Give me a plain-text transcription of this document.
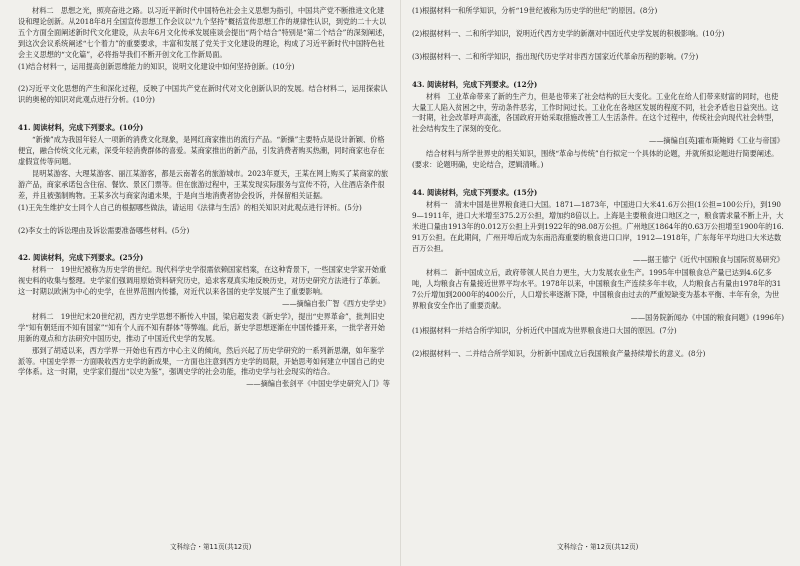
材料二　思想之光，照亮奋进之路。以习近平新时代中国特色社会主义思想为指引，中国共产党不断推进文化建设和理论创新。从2018年8月全国宣传思想工作会议以“九个坚持”概括宣传思想工作的规律性认识，到党的二十大以五个方面全面阐述新时代文化建设，从去年6月文化传承发展座谈会提出“两个结合”特别是“第二个结合”的深刻阐述，到这次会议系统阐述“七个着力”的重要要求，丰富和发展了党关于文化建设的理论，构成了习近平新时代中国特色社会主义思想的“文化篇”，必将指导我们不断开创文化工作新局面。

(1)结合材料一，运用提高创新思维能力的知识，说明文化建设中如何坚持创新。(10分)

(2)习近平文化思想的产生和深化过程，反映了中国共产党在新时代对文化创新认识的发展。结合材料二，运用探索认识的奥秘的知识对此观点进行分析。(10分)

41. 阅读材料，完成下列要求。(10分)

“新操”成为我国年轻人一项新的消费文化现象，是网红商家推出的流行产品。“新操”主要特点是设计新颖、价格便宜，融合传统文化元素，深受年轻消费群体的喜爱。某商家推出的新产品，引发消费者购买热潮，同时商家也存在虚假宣传等问题。

昆明某游客、大理某游客、丽江某游客，都是云南著名的旅游城市。2023年夏天，王某在网上购买了某商家的旅游产品，商家承诺包含住宿、餐饮、景区门票等。但在旅游过程中，王某发现实际服务与宣传不符，入住酒店条件很差，并且被强制购物。王某多次与商家沟通未果，于是向当地消费者协会投诉，并保留相关证据。

(1)王先生维护女士同个人自己的根据哪些做法，请运用《法律与生活》的相关知识对此观点进行评析。(5分)

(2)李女士的诉讼理由及诉讼需要准备哪些材料。(5分)

42. 阅读材料，完成下列要求。(25分)

材料一　19世纪被称为历史学的世纪。现代科学史学很需依赖国家档案，在这种背景下，一些国家史学家开始重视史料的收集与整理。史学家们强调用原始资料研究历史，追求客观真实地反映历史，对历史研究方法进行了革新。这一时期以欧洲为中心的史学，在世界范围内传播，对近代以来各国的史学发展产生了重要影响。

——摘编自张广智《西方史学史》

材料二　19世纪末20世纪初，西方史学思想不断传入中国，梁启超发表《新史学》，提出“史界革命”，批判旧史学“知有朝廷而不知有国家”“知有个人而不知有群体”等弊端。此后，新史学思想逐渐在中国传播开来，一批学者开始用新的观点和方法研究中国历史，推动了中国近代史学的发展。

那到了胡适以来，西方学界一开始也有西方中心主义的倾向，然后兴起了历史学研究的一系列新思潮，如年鉴学派等。中国史学界一方面吸收西方史学的新成果，一方面也注意到西方史学的局限，开始思考如何建立中国自己的史学体系。这一时期，史学家们提出“以史为鉴”，强调史学的社会功能，推动史学与社会现实的结合。

——摘编自张剑平《中国史学史研究入门》等

(1)根据材料一和所学知识，分析“19世纪被称为历史学的世纪”的原因。(8分)

(2)根据材料一、二和所学知识，说明近代西方史学的新潮对中国近代史学发展的积极影响。(10分)

(3)根据材料一、二和所学知识，指出现代历史学对非西方国家近代革命历程的影响。(7分)

43. 阅读材料，完成下列要求。(12分)

材料　工业革命带来了新的生产力，但是也带来了社会结构的巨大变化。工业化在给人们带来财富的同时，也使大量工人陷入贫困之中，劳动条件恶劣，工作时间过长。工业化在各地区发展的程度不同，社会矛盾也日益突出。这一时期，社会改革呼声高涨，各国政府开始采取措施改善工人生活条件。在这个过程中，传统社会向现代社会转型，社会结构发生了深刻的变化。

——摘编自[英]霍布斯鲍姆《工业与帝国》

结合材料与所学世界史的相关知识，围绕“革命与传统”自行拟定一个具体的论题，并就所拟论题进行简要阐述。(要求：论题明确，史论结合，逻辑清晰。)

44. 阅读材料，完成下列要求。(15分)

材料一　清末中国是世界粮食进口大国。1871—1873年，中国进口大米41.6万公担(1公担=100公斤)，到1909—1911年，进口大米增至375.2万公担，增加约8倍以上。上海是主要粮食进口地区之一，粮食需求量不断上升，大米进口量由1913年的0.012万公担上升到1922年的98.08万公担。广州地区1864年的0.63万公担增至1900年的16.91万公担。在此期间，广州开埠后成为东南沿海重要的粮食进口口岸，1912—1918年，广东每年平均进口大米达数百万公担。

——据王德宁《近代中国粮食与国际贸易研究》

材料二　新中国成立后，政府带领人民自力更生，大力发展农业生产。1995年中国粮食总产量已达到4.6亿多吨，人均粮食占有量接近世界平均水平。1978年以来，中国粮食生产连续多年丰收，人均粮食占有量由1978年的317公斤增加到2000年的400公斤，人口增长率逐渐下降，中国粮食由过去的严重短缺变为基本平衡、丰年有余，为世界粮食安全作出了重要贡献。

——国务院新闻办《中国的粮食问题》(1996年)

(1)根据材料一并结合所学知识，分析近代中国成为世界粮食进口大国的原因。(7分)

(2)根据材料一、二并结合所学知识，分析新中国成立后我国粮食产量持续增长的意义。(8分)

文科综合・第11页(共12页)	文科综合・第12页(共12页)
